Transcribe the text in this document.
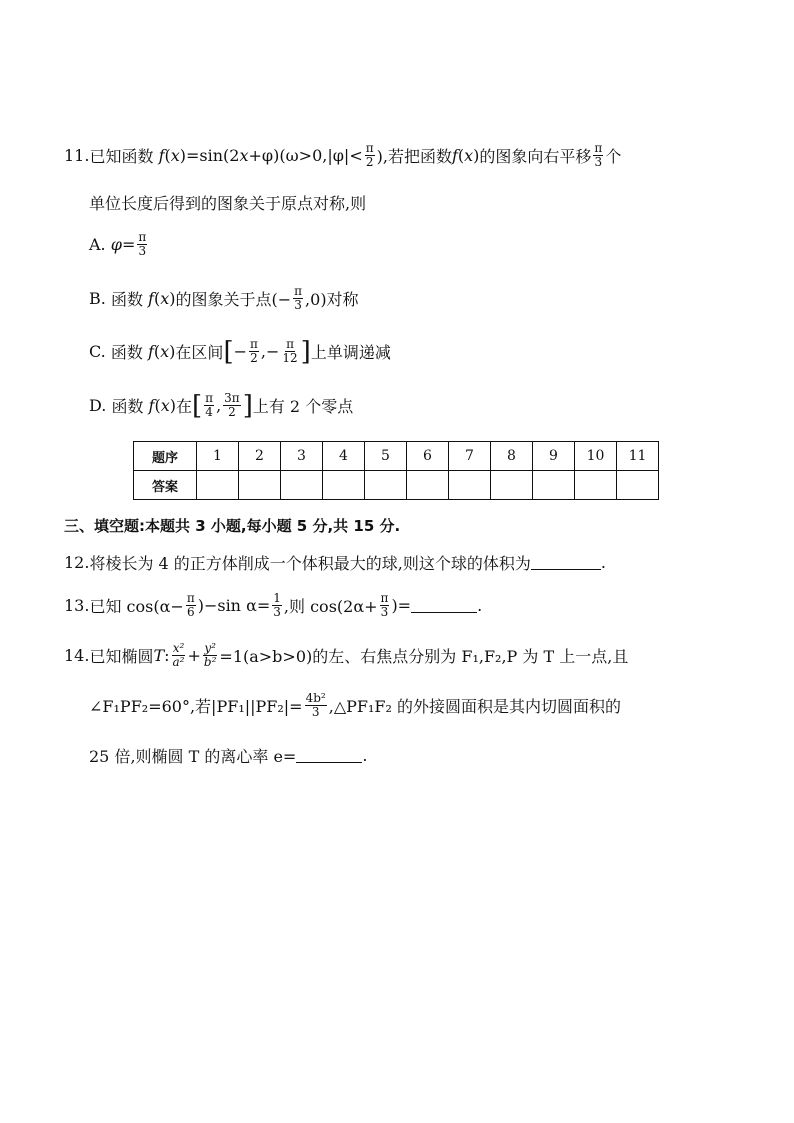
11. 已知函数
f ( x ) =sin(2 $x +\varphi)(\omega>0,|\varphi|< \frac{\pi}{2}$ ),若把函数 f ( x ) 的图象向右平移 $\frac{\pi}{3}$ 个
单位长度后得到的图象关于原点对称,则
A.
$\varphi= \frac{\pi}{3}$
B.
函数
f ( x ) 的图象关于点(− $\frac{\pi}{3} ,0$)对称
C.
函数
f ( x ) 在区间 [ − $\frac{\pi}{2}$ ,− $\frac{\pi}{12}$ ] 上单调递减
D.
函数
f ( x ) 在 [ $\frac{\pi}{4}$ , $\frac{3\pi}{2}$ ] 上有 2 个零点
题序	1	2	3	4	5	6	7	8	9	10	11
答案											
三、填空题:本题共 3 小题,每小题 5 分,共 15 分.
12. 将棱长为 4 的正方体削成一个体积最大的球,则这个球的体积为	.
13. 已知 $\cos(\alpha- \frac{\pi}{6} )-\sin$ $\alpha= \frac{1}{3}$ ,则 $\cos(2\alpha+ \frac{\pi}{3}$ )=	.
14. 已知椭圆 T : $\frac{\text{x²}}{\text{a²}} + \frac{\text{y²}}{\text{b²}} =1(a>b>0)$的左、右焦点分别为 F₁,F₂,P 为 T 上一点,且
∠F₁PF₂=60°,若$|PF_1||PF_2|= \frac{\text{4b²}}{3}$ ,△PF₁F₂ 的外接圆面积是其内切圆面积的
25 倍,则椭圆 T 的离心率 e=	.
